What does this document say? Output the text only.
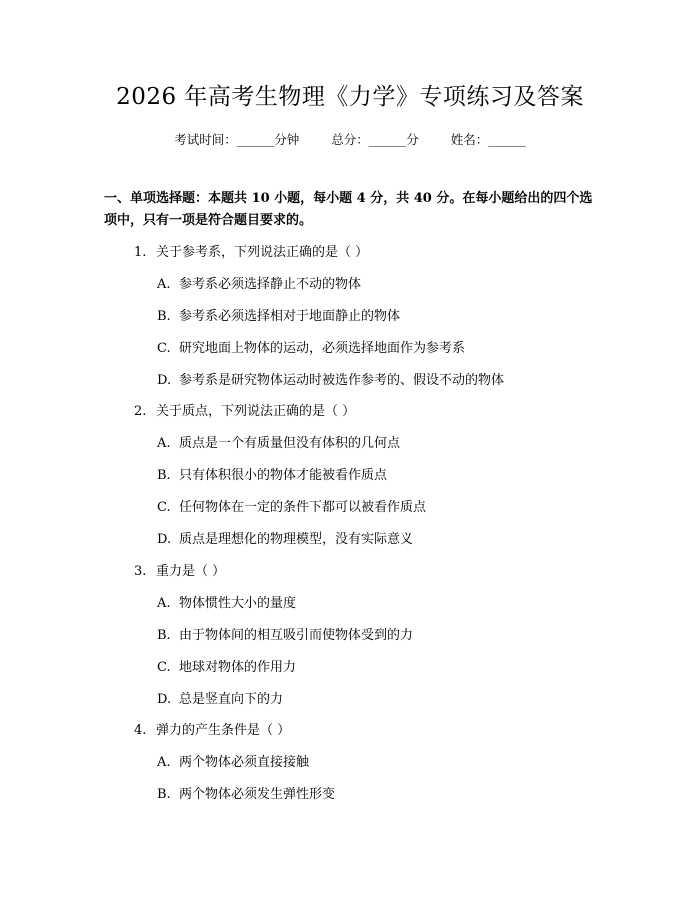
2026 年高考生物理《力学》专项练习及答案
考试时间：______分钟	总分：______分	姓名：______
一、单项选择题：本题共 10 小题，每小题 4 分，共 40 分。在每小题给出的四个选项中，只有一项是符合题目要求的。
1. 关于参考系，下列说法正确的是（ ）
A. 参考系必须选择静止不动的物体
B. 参考系必须选择相对于地面静止的物体
C. 研究地面上物体的运动，必须选择地面作为参考系
D. 参考系是研究物体运动时被选作参考的、假设不动的物体
2. 关于质点，下列说法正确的是（ ）
A. 质点是一个有质量但没有体积的几何点
B. 只有体积很小的物体才能被看作质点
C. 任何物体在一定的条件下都可以被看作质点
D. 质点是理想化的物理模型，没有实际意义
3. 重力是（ ）
A. 物体惯性大小的量度
B. 由于物体间的相互吸引而使物体受到的力
C. 地球对物体的作用力
D. 总是竖直向下的力
4. 弹力的产生条件是（ ）
A. 两个物体必须直接接触
B. 两个物体必须发生弹性形变
